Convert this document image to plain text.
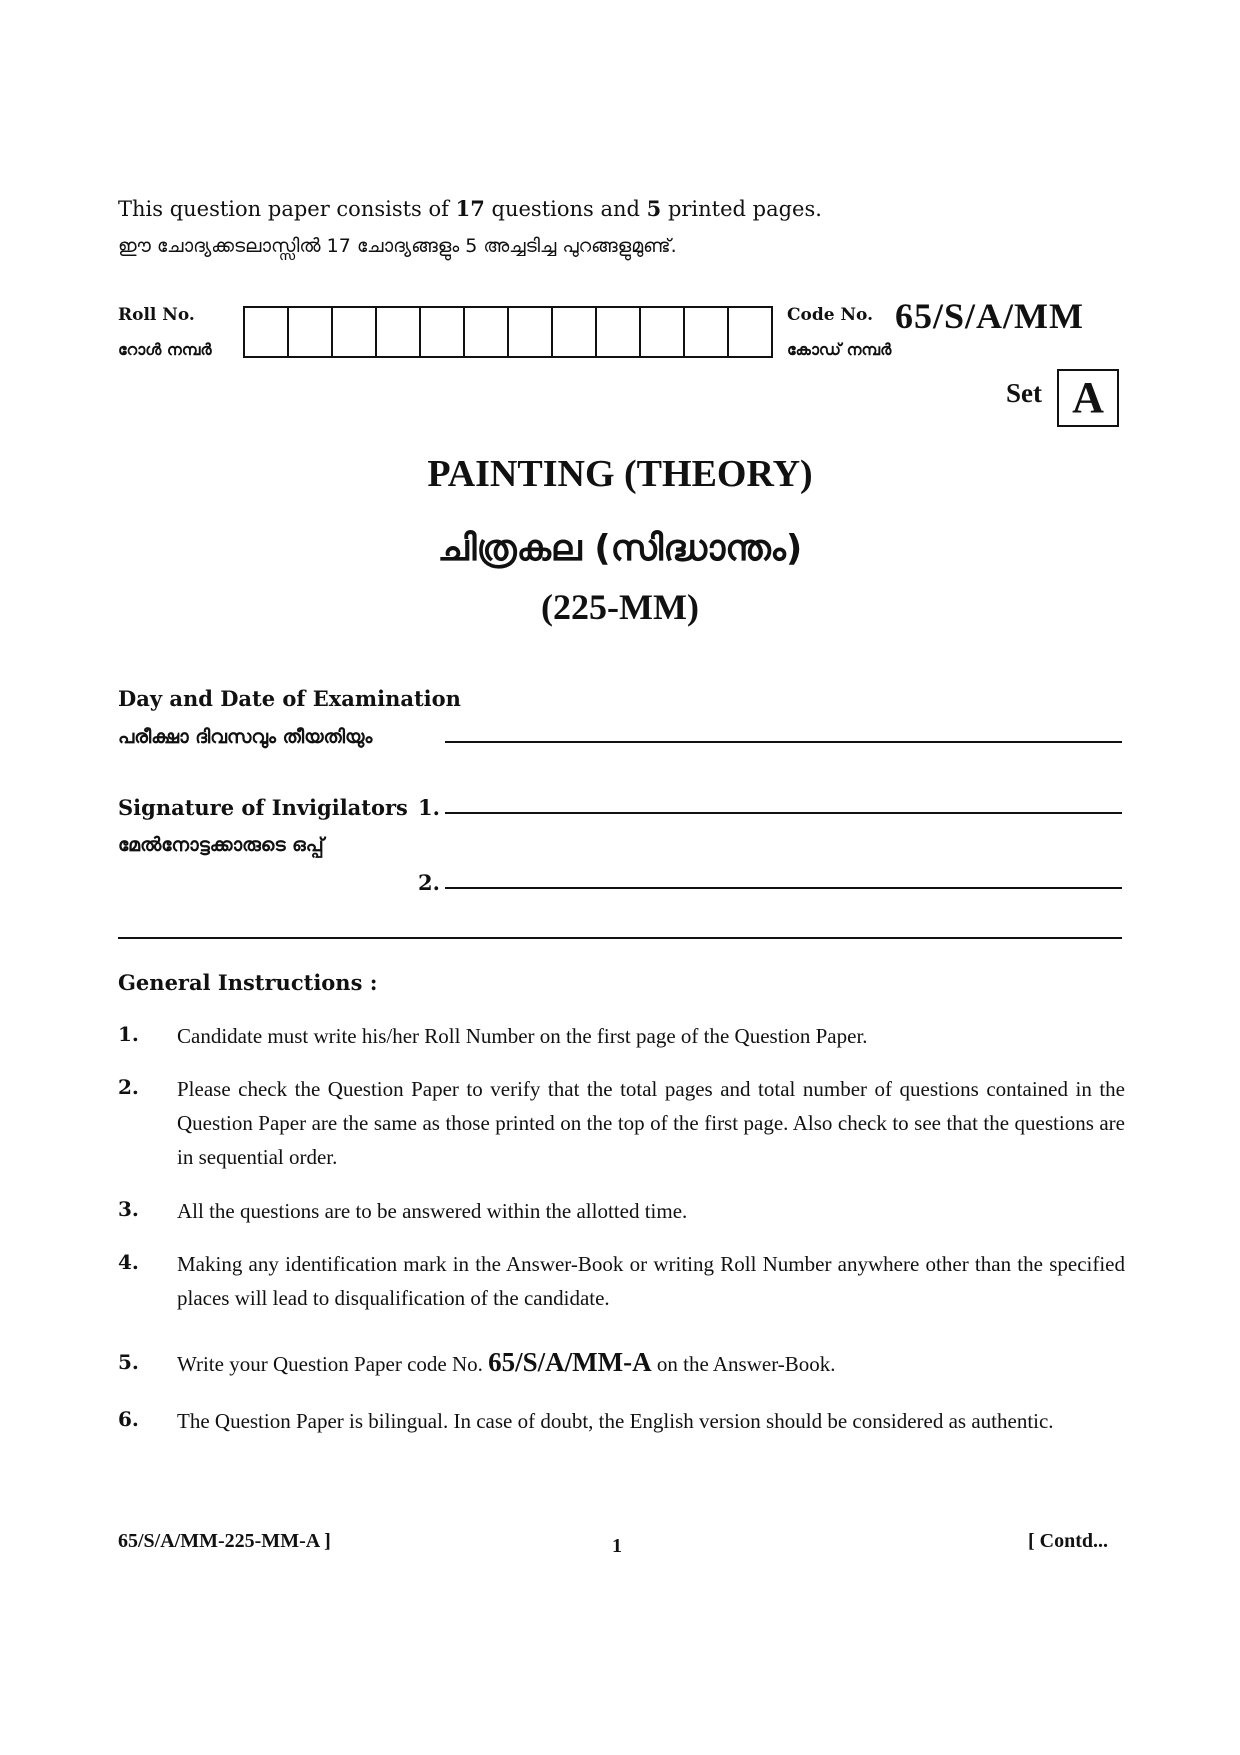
This question paper consists of 17 questions and 5 printed pages.
ഈ ചോദ്യക്കടലാസ്സിൽ 17 ചോദ്യങ്ങളും 5 അച്ചടിച്ച പുറങ്ങളുമുണ്ട്.
Roll No.
റോൾ നമ്പർ
Code No.
കോഡ് നമ്പർ
65/S/A/MM
Set A
PAINTING (THEORY)
ചിത്രകല (സിദ്ധാന്തം)
(225-MM)
Day and Date of Examination
പരീക്ഷാ ദിവസവും തീയതിയും
Signature of Invigilators
മേൽനോട്ടക്കാരുടെ ഒപ്പ്
1.
2.
General Instructions :
1.	Candidate must write his/her Roll Number on the first page of the Question Paper.
2.	Please check the Question Paper to verify that the total pages and total number of questions contained in the Question Paper are the same as those printed on the top of the first page. Also check to see that the questions are in sequential order.
3.	All the questions are to be answered within the allotted time.
4.	Making any identification mark in the Answer-Book or writing Roll Number anywhere other than the specified places will lead to disqualification of the candidate.
5.	Write your Question Paper code No. 65/S/A/MM-A on the Answer-Book.
6.	The Question Paper is bilingual. In case of doubt, the English version should be considered as authentic.
65/S/A/MM-225-MM-A ]	1	[ Contd...
